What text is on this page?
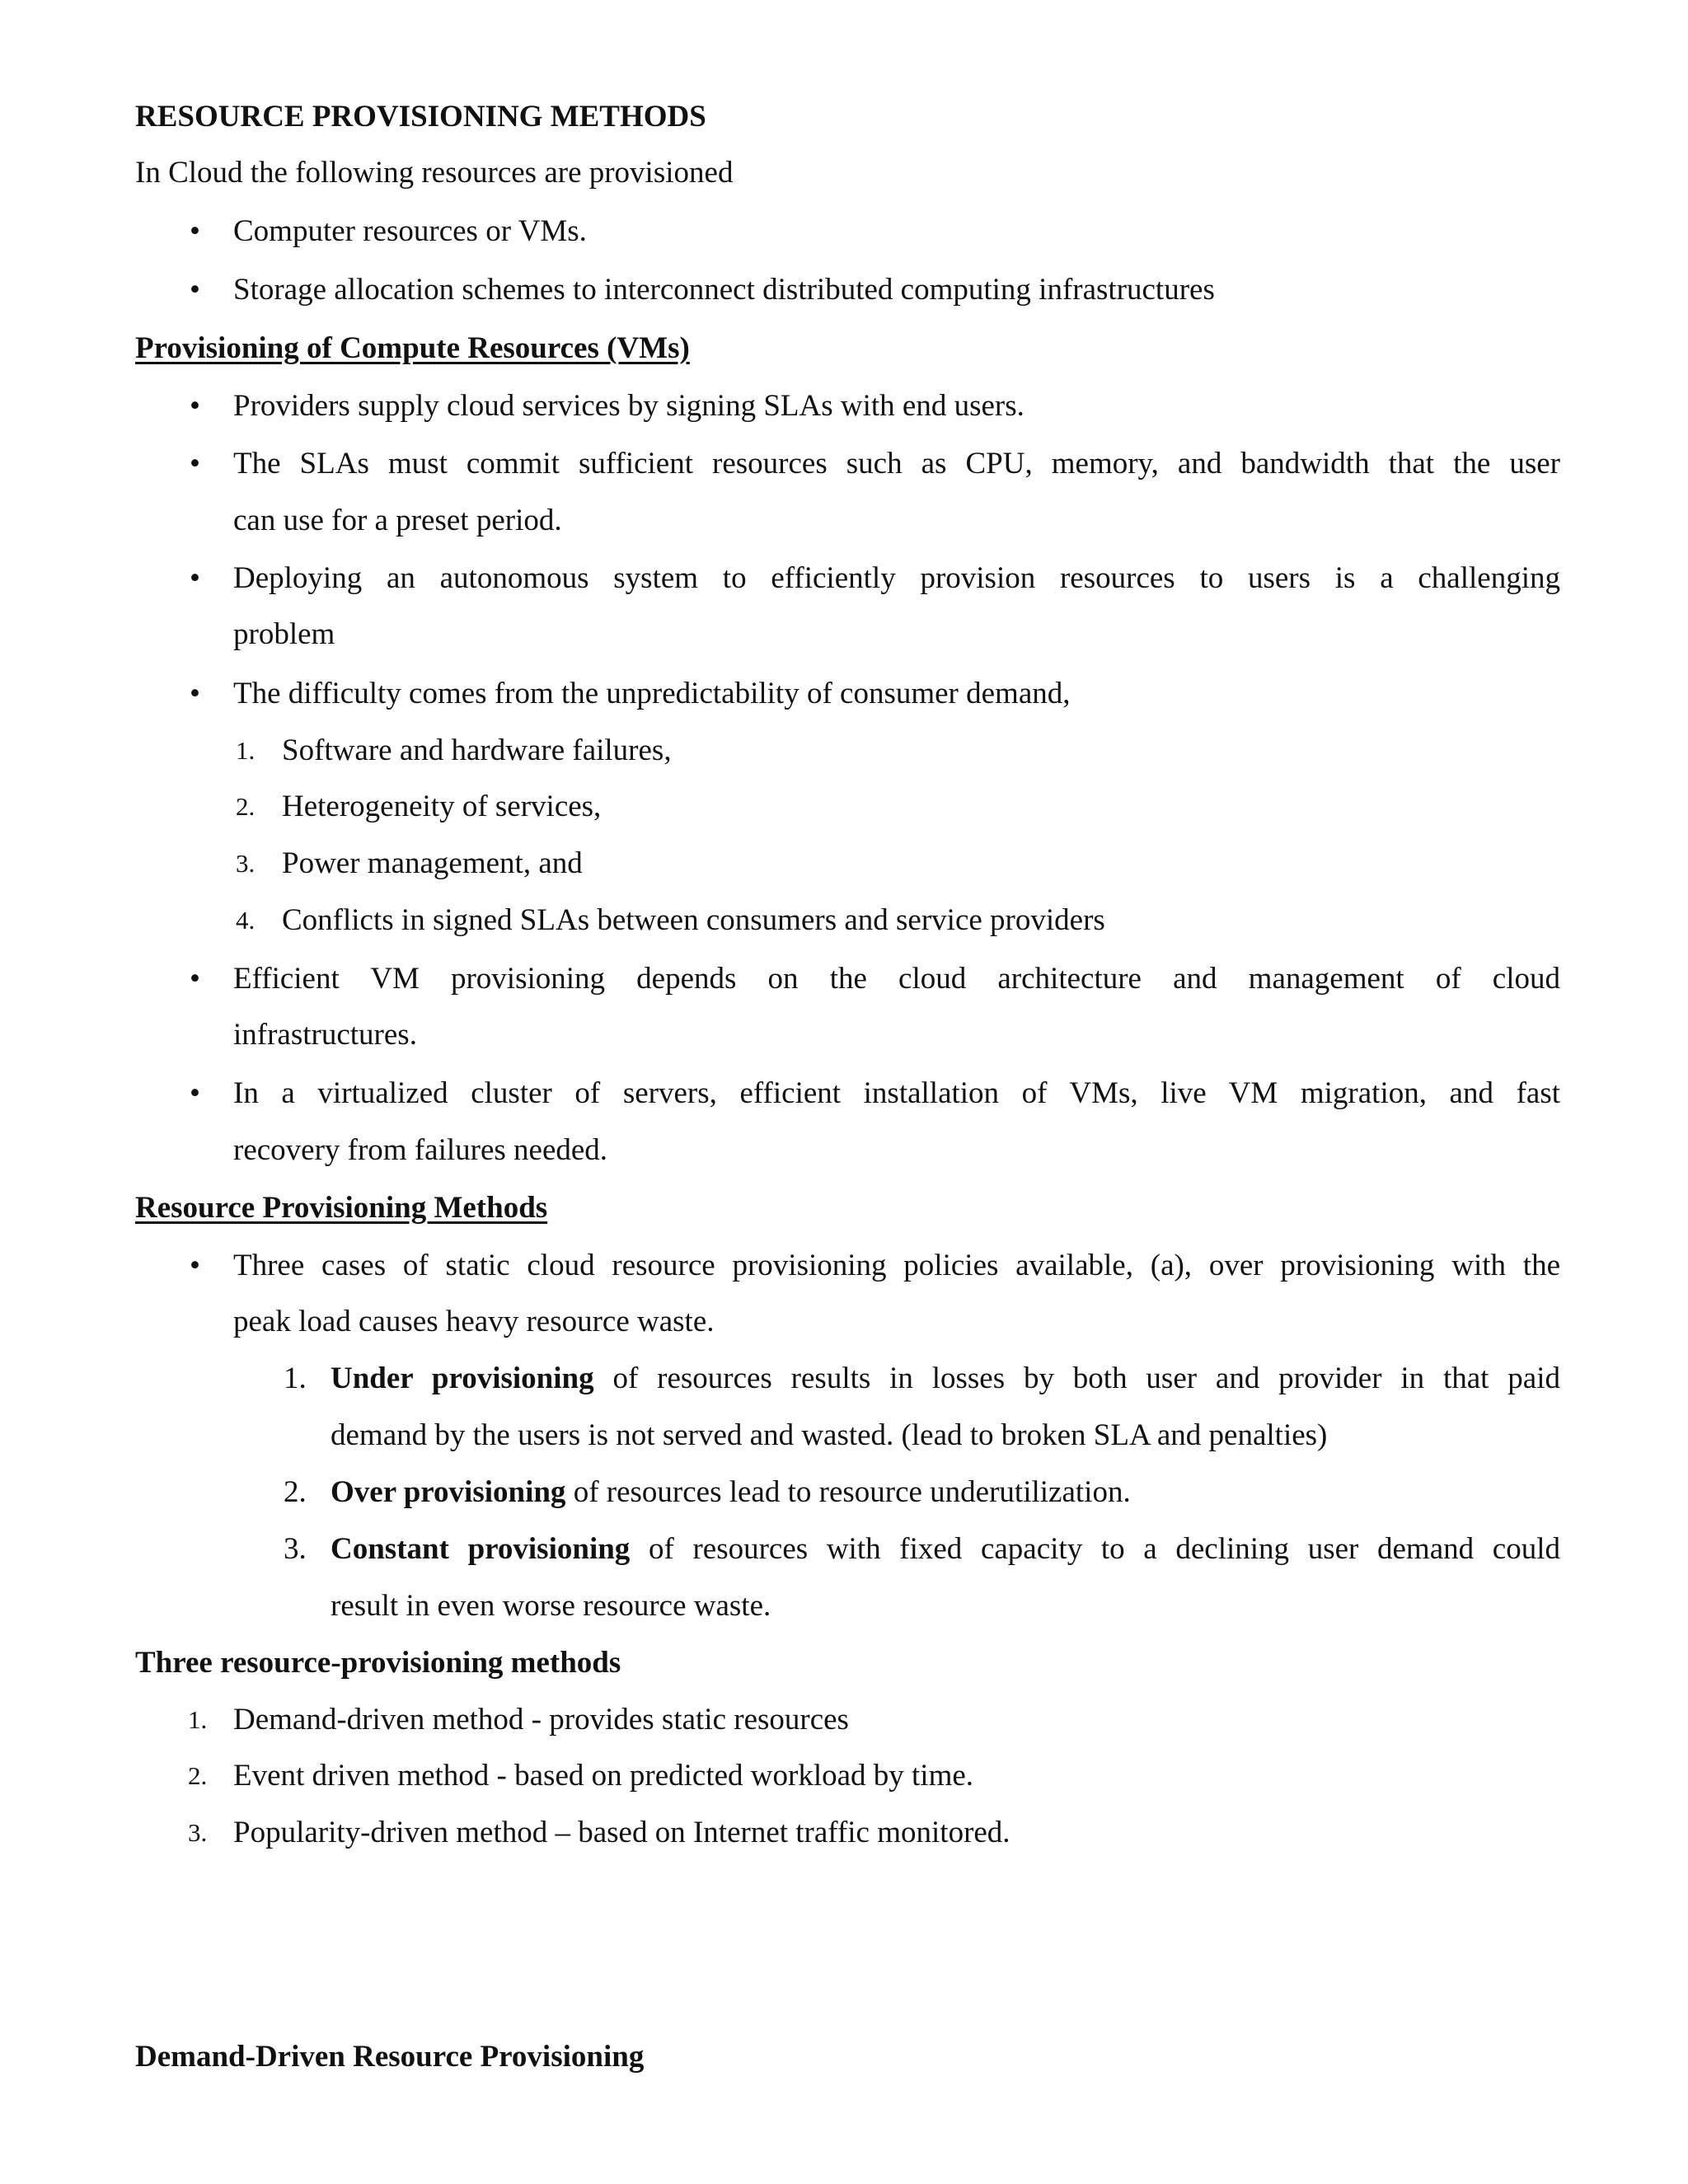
RESOURCE PROVISIONING METHODS
In Cloud the following resources are provisioned
• Computer resources or VMs.
• Storage allocation schemes to interconnect distributed computing infrastructures
Provisioning of Compute Resources (VMs)
• Providers supply cloud services by signing SLAs with end users.
• The SLAs must commit sufficient resources such as CPU, memory, and bandwidth that the user
can use for a preset period.
• Deploying an autonomous system to efficiently provision resources to users is a challenging
problem
• The difficulty comes from the unpredictability of consumer demand,
1. Software and hardware failures,
2. Heterogeneity of services,
3. Power management, and
4. Conflicts in signed SLAs between consumers and service providers
• Efficient VM provisioning depends on the cloud architecture and management of cloud
infrastructures.
• In a virtualized cluster of servers, efficient installation of VMs, live VM migration, and fast
recovery from failures needed.
Resource Provisioning Methods
• Three cases of static cloud resource provisioning policies available, (a), over provisioning with the
peak load causes heavy resource waste.
1. Under provisioning of resources results in losses by both user and provider in that paid
demand by the users is not served and wasted. (lead to broken SLA and penalties)
2. Over provisioning of resources lead to resource underutilization.
3. Constant provisioning of resources with fixed capacity to a declining user demand could
result in even worse resource waste.
Three resource-provisioning methods
1. Demand-driven method - provides static resources
2. Event driven method - based on predicted workload by time.
3. Popularity-driven method – based on Internet traffic monitored.
Demand-Driven Resource Provisioning
